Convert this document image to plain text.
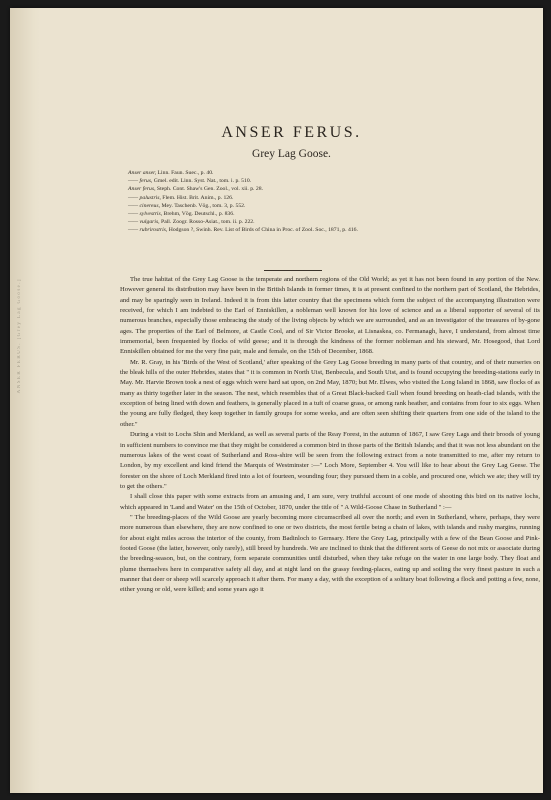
ANSER FERUS. [Grey Lag Goose.]
ANSER FERUS.
Grey Lag Goose.
Anser anser, Linn. Faun. Suec., p. 40.
—— ferus, Gmel. edit. Linn. Syst. Nat., tom. i. p. 510.
Anser ferus, Steph. Cont. Shaw's Gen. Zool., vol. xii. p. 28.
—— palustris, Flem. Hist. Brit. Anim., p. 126.
—— cinereus, Mey. Taschenb. Vög., tom. 3, p. 552.
—— sylvestris, Brehm, Vög. Deutschl., p. 836.
—— vulgaris, Pall. Zoogr. Rosso-Asiat., tom. ii. p. 222.
—— rubrirostris, Hodgson ?, Swinh. Rev. List of Birds of China in Proc. of Zool. Soc., 1871, p. 416.

The true habitat of the Grey Lag Goose is the temperate and northern regions of the Old World; as yet it has not been found in any portion of the New. However general its distribution may have been in the British Islands in former times, it is at present confined to the northern part of Scotland, the Hebrides, and may be sparingly seen in Ireland. Indeed it is from this latter country that the specimens which form the subject of the accompanying illustration were received, for which I am indebted to the Earl of Enniskillen, a nobleman well known for his love of science and as a liberal supporter of several of its numerous branches, especially those embracing the study of the living objects by which we are surrounded, and as an investigator of the treasures of by-gone ages. The properties of the Earl of Belmore, at Castle Cool, and of Sir Victor Brooke, at Lisnaskea, co. Fermanagh, have, I understand, from almost time immemorial, been frequented by flocks of wild geese; and it is through the kindness of the former nobleman and his steward, Mr. Hosegood, that Lord Enniskillen obtained for me the very fine pair, male and female, on the 15th of December, 1868.

Mr. R. Gray, in his 'Birds of the West of Scotland,' after speaking of the Grey Lag Goose breeding in many parts of that country, and of their nurseries on the bleak hills of the outer Hebrides, states that " it is common in North Uist, Benbecula, and South Uist, and is found occupying the breeding-stations early in May. Mr. Harvie Brown took a nest of eggs which were hard sat upon, on 2nd May, 1870; but Mr. Elwes, who visited the Long Island in 1868, saw flocks of as many as thirty together later in the season. The nest, which resembles that of a Great Black-backed Gull when found breeding on heath-clad islands, with the exception of being lined with down and feathers, is generally placed in a tuft of coarse grass, or among rank heather, and contains from four to six eggs. When the young are fully fledged, they keep together in family groups for some weeks, and are often seen shifting their quarters from one side of the island to the other."

During a visit to Lochs Shin and Merkland, as well as several parts of the Reay Forest, in the autumn of 1867, I saw Grey Lags and their broods of young in sufficient numbers to convince me that they might be considered a common bird in those parts of the British Islands; and that it was not less abundant on the numerous lakes of the west coast of Sutherland and Ross-shire will be seen from the following extract from a note transmitted to me, after my return to London, by my excellent and kind friend the Marquis of Westminster :—" Loch More, September 4. You will like to hear about the Grey Lag Geese. The forester on the shore of Loch Merkland fired into a lot of fourteen, wounding four; they pursued them in a coble, and procured one, which we ate; they will try to get the others."

I shall close this paper with some extracts from an amusing and, I am sure, very truthful account of one mode of shooting this bird on its native lochs, which appeared in 'Land and Water' on the 15th of October, 1870, under the title of " A Wild-Goose Chase in Sutherland " :—

" The breeding-places of the Wild Goose are yearly becoming more circumscribed all over the north; and even in Sutherland, where, perhaps, they were more numerous than elsewhere, they are now confined to one or two districts, the most fertile being a chain of lakes, with islands and rushy margins, running for about eight miles across the interior of the county, from Badinloch to Gernsary. Here the Grey Lag, principally with a few of the Bean Goose and Pink-footed Goose (the latter, however, only rarely), still breed by hundreds. We are inclined to think that the different sorts of Geese do not mix or associate during the breeding-season, but, on the contrary, form separate communities until disturbed, when they take refuge on the water in one large body. They float and plume themselves here in comparative safety all day, and at night land on the grassy feeding-places, eating up and soiling the very finest pasture in such a manner that deer or sheep will scarcely approach it after them. For many a day, with the exception of a solitary boat following a flock and potting a few, none, either young or old, were killed; and some years ago it
